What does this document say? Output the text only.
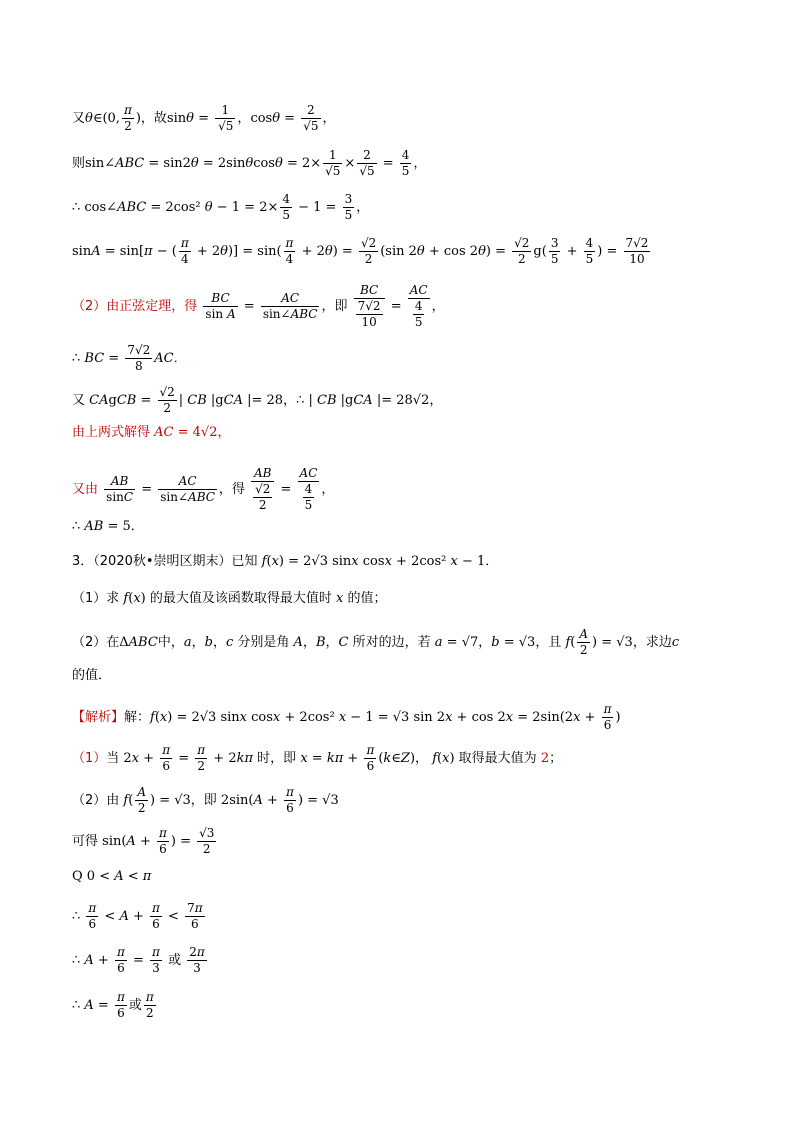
又θ∈(0, $\frac{\pi}{2}$ )，故$\sin\theta = \frac{1}{√5}$ ，$\cos\theta = \frac{2}{√5}$ ，
则sin∠ABC = $\sin 2\theta = 2\sin\theta\cos\theta = 2\times \frac{1}{√5} \times \frac{2}{√5} = \frac{4}{5}$ ，
∴ cos∠ABC = 2cos² $\theta - 1 = 2\times \frac{4}{5} - 1 = \frac{3}{5}$ ，
sinA = sin[π − ( $\frac{\pi}{4} + 2\theta)] = \sin( \frac{\pi}{4} + 2\theta) = \frac{√2}{2} (\sin$ $2\theta + \cos 2\theta) = \frac{√2}{2} g( \frac{3}{5} + \frac{4}{5}$ ) = $\frac{7√2}{10}$
（2）由正弦定理，得 $\frac{BC}{\text{sin A}} = \frac{AC}{\text{sin∠ABC}}$ ，即 $\frac{BC}{\frac{7√2}{10}} = \frac{AC}{\frac{4}{5}}$ ，
∴ BC = $\frac{7√2}{8}$ AC．
又 CAgCB = $\frac{√2}{2}$ | CB |gCA |= 28，∴ | CB |gCA |= 28√2，
由上两式解得 AC = 4√2，
又由 $\frac{AB}{\sin C} = \frac{AC}{\text{sin∠ABC}}$ ，得 $\frac{AB}{\frac{√2}{2}} = \frac{AC}{\frac{4}{5}}$ ，
∴ AB = 5．
3．（2020秋•崇明区期末）已知 f(x) = 2√3 sinx cosx + 2cos² x − 1．
（1）求 f(x) 的最大值及该函数取得最大值时 x 的值；
（2）在ΔABC中，a，b，c 分别是角 A，B，C 所对的边，若 a = √7，b = √3，且 $f( \frac{A}{2}$ ) = √3，求边c
的值．
【解析】解：f(x) = 2√3 sinx cosx + 2cos² x − 1 = √3 $\sin 2x + \cos 2x = 2\sin(2x + \frac{\pi}{6}$ )
（1）当 $2x + \frac{\pi}{6} = \frac{\pi}{2} + 2k\pi$ 时，即 $x = k\pi + \frac{\pi}{6}$ (k∈Z)， f(x) 取得最大值为 2；
（2）由 $f( \frac{A}{2}$ ) = √3，即 $2\sin(A + \frac{\pi}{6}$ ) = √3
可得 $\sin(A + \frac{\pi}{6}$ ) = $\frac{√3}{2}$
Q 0 < A < π
∴ $\frac{\pi}{6} < A + \frac{\pi}{6} < \frac{7\pi}{6}$
∴ $A + \frac{\pi}{6} = \frac{\pi}{3}$ 或 $\frac{2\pi}{3}$
∴ $A = \frac{\pi}{6}$ 或 $\frac{\pi}{2}$
